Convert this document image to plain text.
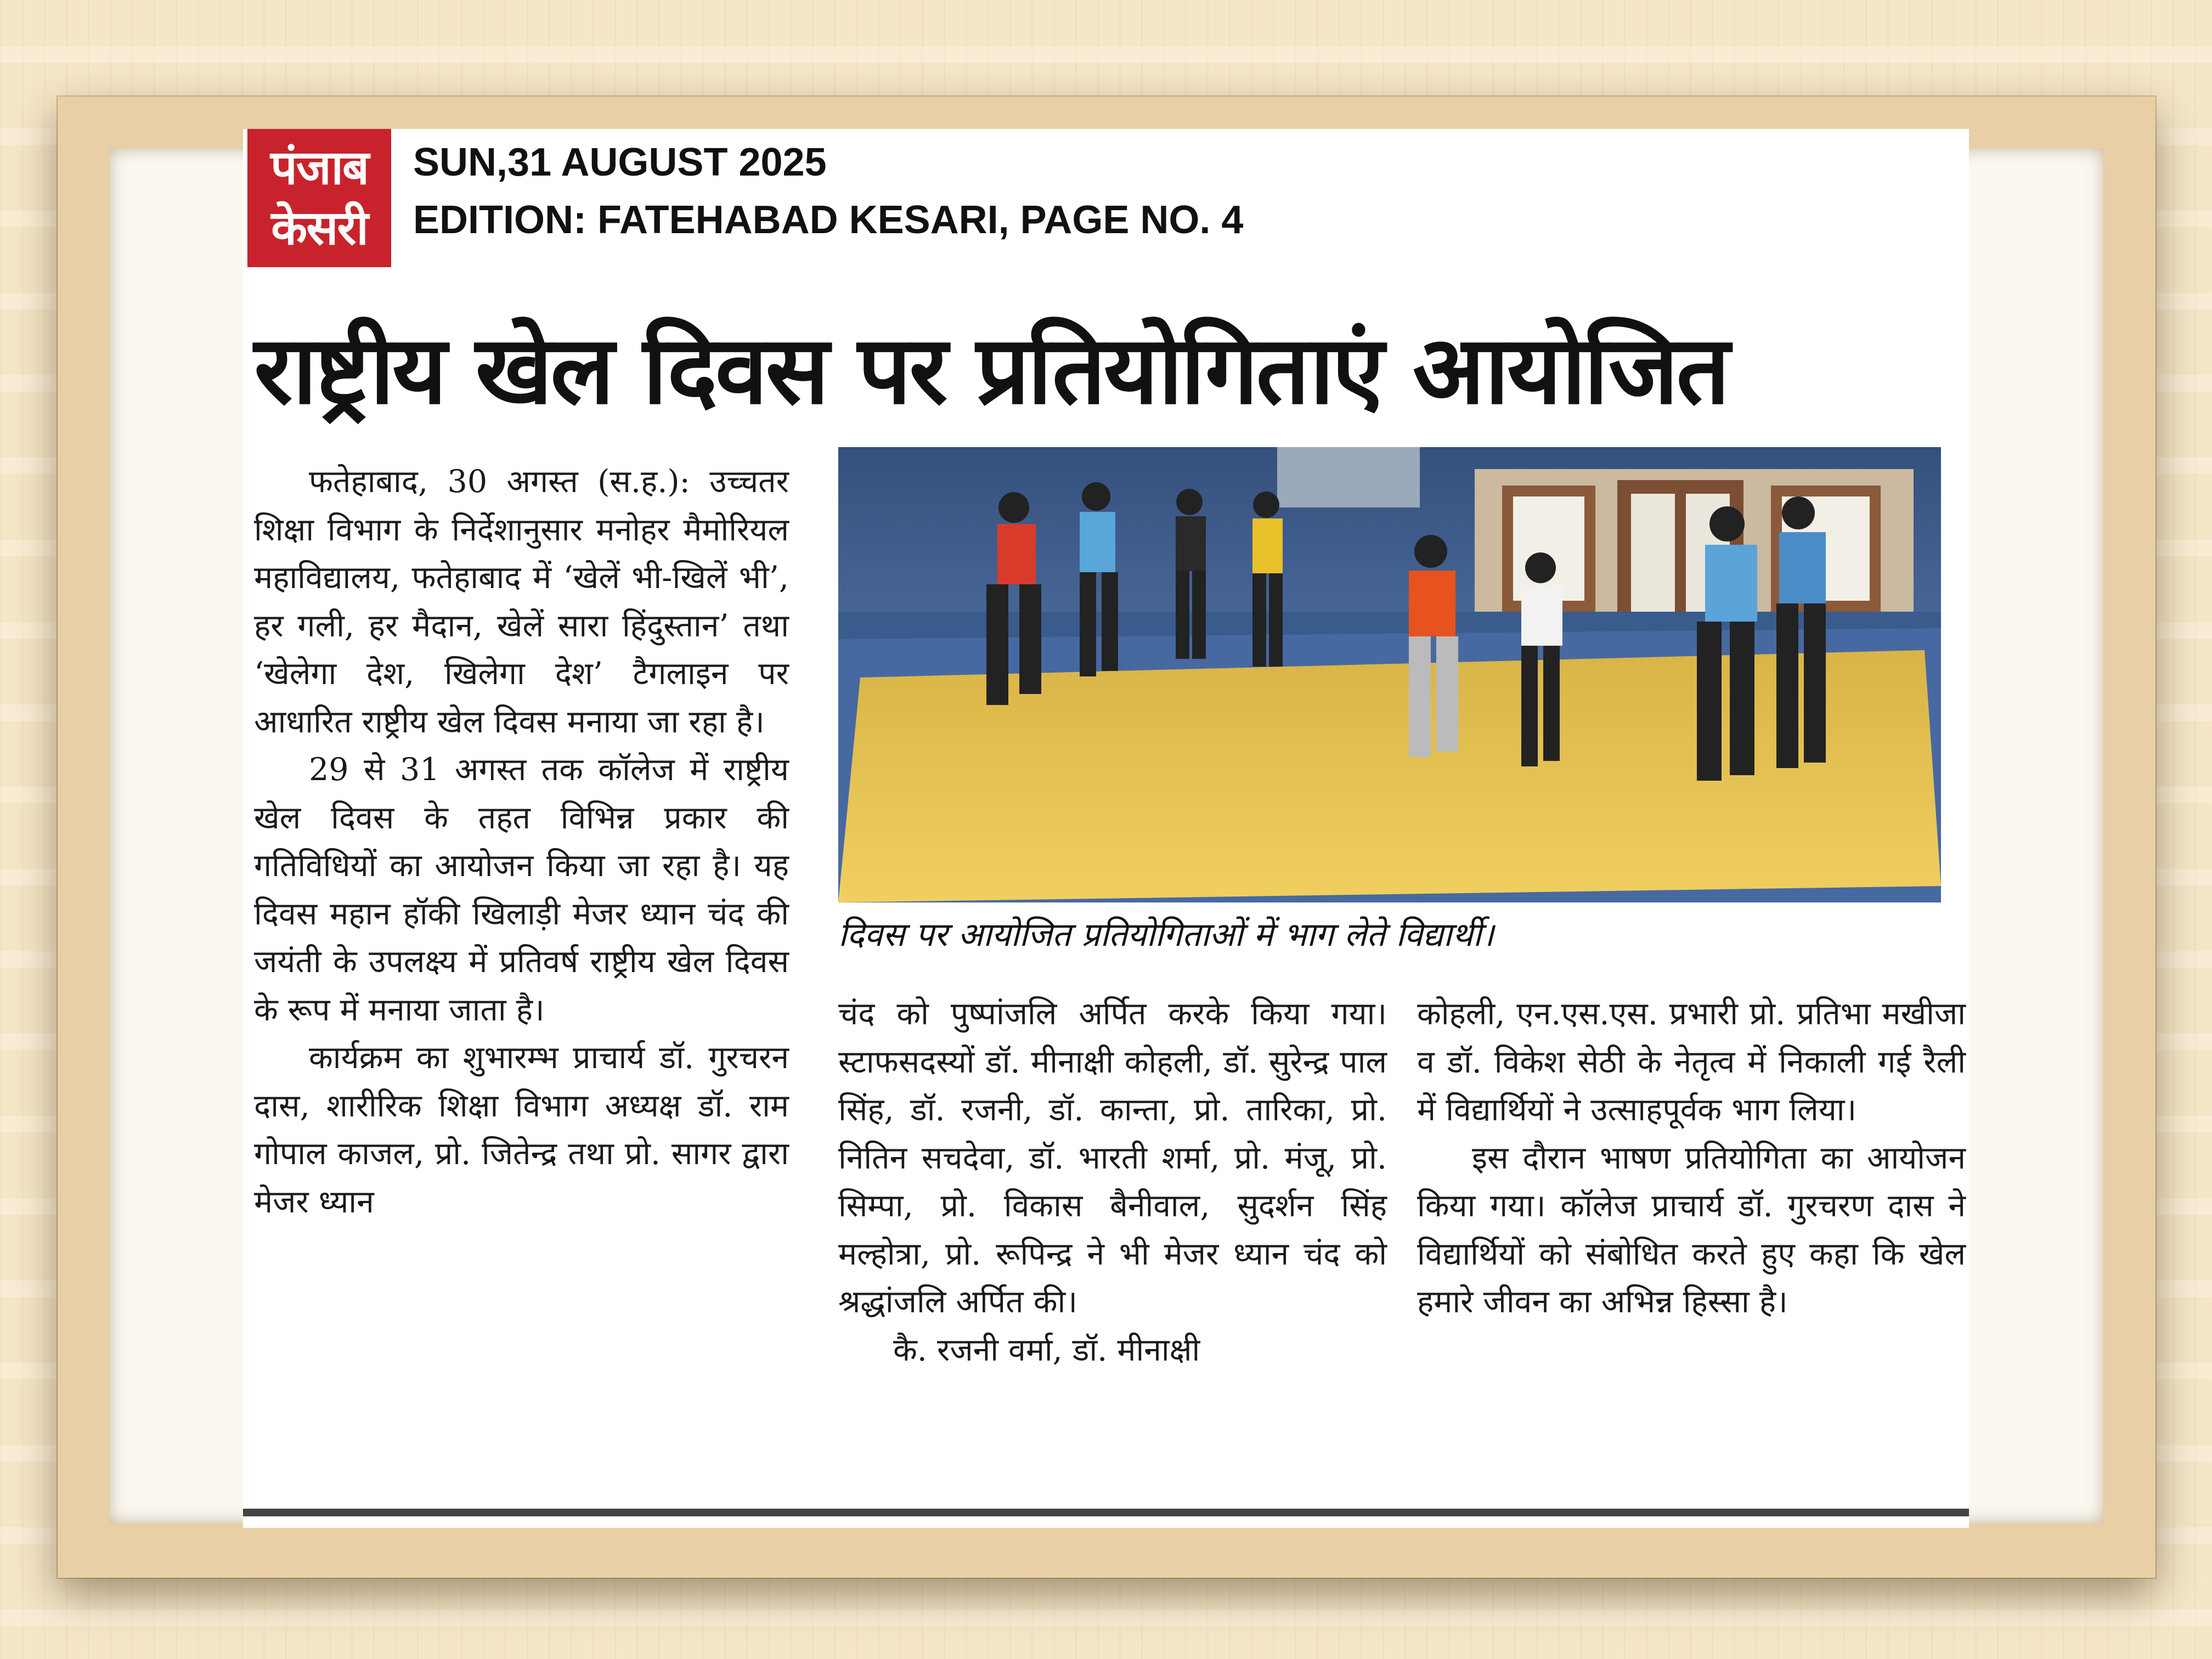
पंजाब
केसरी
SUN,31 AUGUST 2025
EDITION: FATEHABAD KESARI, PAGE NO. 4
राष्ट्रीय खेल दिवस पर प्रतियोगिताएं आयोजित

फतेहाबाद, 30 अगस्त (स.ह.): उच्चतर शिक्षा विभाग के निर्देशानुसार मनोहर मैमोरियल महाविद्यालय, फतेहाबाद में ‘खेलें भी-खिलें भी’, हर गली, हर मैदान, खेलें सारा हिंदुस्तान’ तथा ‘खेलेगा देश, खिलेगा देश’ टैगलाइन पर आधारित राष्ट्रीय खेल दिवस मनाया जा रहा है।

29 से 31 अगस्त तक कॉलेज में राष्ट्रीय खेल दिवस के तहत विभिन्न प्रकार की गतिविधियों का आयोजन किया जा रहा है। यह दिवस महान हॉकी खिलाड़ी मेजर ध्यान चंद की जयंती के उपलक्ष्य में प्रतिवर्ष राष्ट्रीय खेल दिवस के रूप में मनाया जाता है।

कार्यक्रम का शुभारम्भ प्राचार्य डॉ. गुरचरन दास, शारीरिक शिक्षा विभाग अध्यक्ष डॉ. राम गोपाल काजल, प्रो. जितेन्द्र तथा प्रो. सागर द्वारा मेजर ध्यान

दिवस पर आयोजित प्रतियोगिताओं में भाग लेते विद्यार्थी।

चंद को पुष्पांजलि अर्पित करके किया गया।स्टाफसदस्यों डॉ. मीनाक्षी कोहली, डॉ. सुरेन्द्र पाल सिंह, डॉ. रजनी, डॉ. कान्ता, प्रो. तारिका, प्रो. नितिन सचदेवा, डॉ. भारती शर्मा, प्रो. मंजू, प्रो. सिम्पा, प्रो. विकास बैनीवाल, सुदर्शन सिंह मल्होत्रा, प्रो. रूपिन्द्र ने भी मेजर ध्यान चंद को श्रद्धांजलि अर्पित की।

कै. रजनी वर्मा, डॉ. मीनाक्षी

कोहली, एन.एस.एस. प्रभारी प्रो. प्रतिभा मखीजा व डॉ. विकेश सेठी के नेतृत्व में निकाली गई रैली में विद्यार्थियों ने उत्साहपूर्वक भाग लिया।

इस दौरान भाषण प्रतियोगिता का आयोजन किया गया। कॉलेज प्राचार्य डॉ. गुरचरण दास ने विद्यार्थियों को संबोधित करते हुए कहा कि खेल हमारे जीवन का अभिन्न हिस्सा है।
